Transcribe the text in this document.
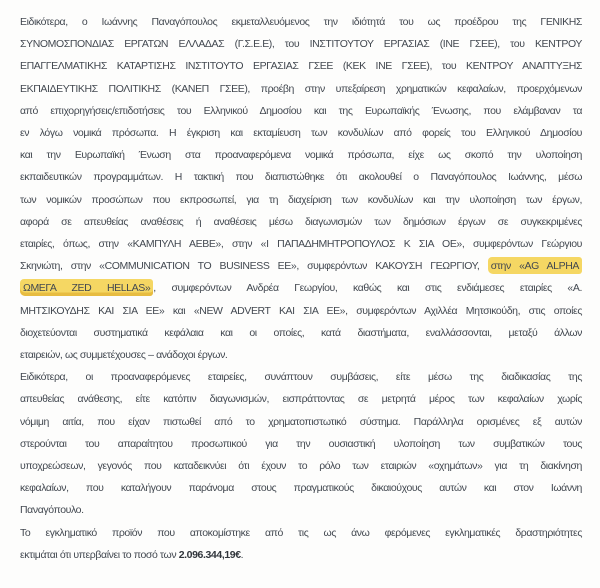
Ειδικότερα, ο Ιωάννης Παναγόπουλος εκμεταλλευόμενος την ιδιότητά του ως προέδρου της ΓΕΝΙΚΗΣ
ΣΥΝΟΜΟΣΠΟΝΔΙΑΣ ΕΡΓΑΤΩΝ ΕΛΛΑΔΑΣ (Γ.Σ.Ε.Ε), του ΙΝΣΤΙΤΟΥΤΟΥ ΕΡΓΑΣΙΑΣ (ΙΝΕ ΓΣΕΕ), του ΚΕΝΤΡΟΥ
ΕΠΑΓΓΕΛΜΑΤΙΚΗΣ ΚΑΤΑΡΤΙΣΗΣ ΙΝΣΤΙΤΟΥΤΟ ΕΡΓΑΣΙΑΣ ΓΣΕΕ (ΚΕΚ ΙΝΕ ΓΣΕΕ), του ΚΕΝΤΡΟΥ ΑΝΑΠΤΥΞΗΣ
ΕΚΠΑΙΔΕΥΤΙΚΗΣ ΠΟΛΙΤΙΚΗΣ (ΚΑΝΕΠ ΓΣΕΕ), προέβη στην υπεξαίρεση χρηματικών κεφαλαίων, προερχόμενων
από επιχορηγήσεις/επιδοτήσεις του Ελληνικού Δημοσίου και της Ευρωπαϊκής Ένωσης, που ελάμβαναν τα
εν λόγω νομικά πρόσωπα. Η έγκριση και εκταμίευση των κονδυλίων από φορείς του Ελληνικού Δημοσίου
και την Ευρωπαϊκή Ένωση στα προαναφερόμενα νομικά πρόσωπα, είχε ως σκοπό την υλοποίηση
εκπαιδευτικών προγραμμάτων. Η τακτική που διαπιστώθηκε ότι ακολουθεί ο Παναγόπουλος Ιωάννης, μέσω
των νομικών προσώπων που εκπροσωπεί, για τη διαχείριση των κονδυλίων και την υλοποίηση των έργων,
αφορά σε απευθείας αναθέσεις ή αναθέσεις μέσω διαγωνισμών των δημόσιων έργων σε συγκεκριμένες
εταιρίες, όπως, στην «ΚΑΜΠΥΛΗ ΑΕΒΕ», στην «Ι ΠΑΠΑΔΗΜΗΤΡΟΠΟΥΛΟΣ Κ ΣΙΑ ΟΕ», συμφερόντων Γεώργιου
Σκηνιώτη, στην «COMMUNICATION TO BUSINESS ΕΕ», συμφερόντων ΚΑΚΟΥΣΗ ΓΕΩΡΓΙΟΥ, στην «AG ALPHA
ΩΜΕΓΑ ZED HELLAS» , συμφερόντων Ανδρέα Γεωργίου, καθώς και στις ενδιάμεσες εταιρίες «Α.
ΜΗΤΣΙΚΟΥΔΗΣ ΚΑΙ ΣΙΑ ΕΕ» και «NEW ADVERT ΚΑΙ ΣΙΑ ΕΕ», συμφερόντων Αχιλλέα Μητσικούδη, στις οποίες
διοχετεύονται συστηματικά κεφάλαια και οι οποίες, κατά διαστήματα, εναλλάσσονται, μεταξύ άλλων
εταιρειών, ως συμμετέχουσες – ανάδοχοι έργων.
Ειδικότερα, οι προαναφερόμενες εταιρείες, συνάπτουν συμβάσεις, είτε μέσω της διαδικασίας της
απευθείας ανάθεσης, είτε κατόπιν διαγωνισμών, εισπράττοντας σε μετρητά μέρος των κεφαλαίων χωρίς
νόμιμη αιτία, που είχαν πιστωθεί από το χρηματοπιστωτικό σύστημα. Παράλληλα ορισμένες εξ αυτών
στερούνται του απαραίτητου προσωπικού για την ουσιαστική υλοποίηση των συμβατικών τους
υποχρεώσεων, γεγονός που καταδεικνύει ότι έχουν το ρόλο των εταιριών «οχημάτων» για τη διακίνηση
κεφαλαίων, που καταλήγουν παράνομα στους πραγματικούς δικαιούχους αυτών και στον Ιωάννη
Παναγόπουλο.
Το εγκληματικό προϊόν που αποκομίστηκε από τις ως άνω φερόμενες εγκληματικές δραστηριότητες
εκτιμάται ότι υπερβαίνει το ποσό των 2.096.344,19€.
